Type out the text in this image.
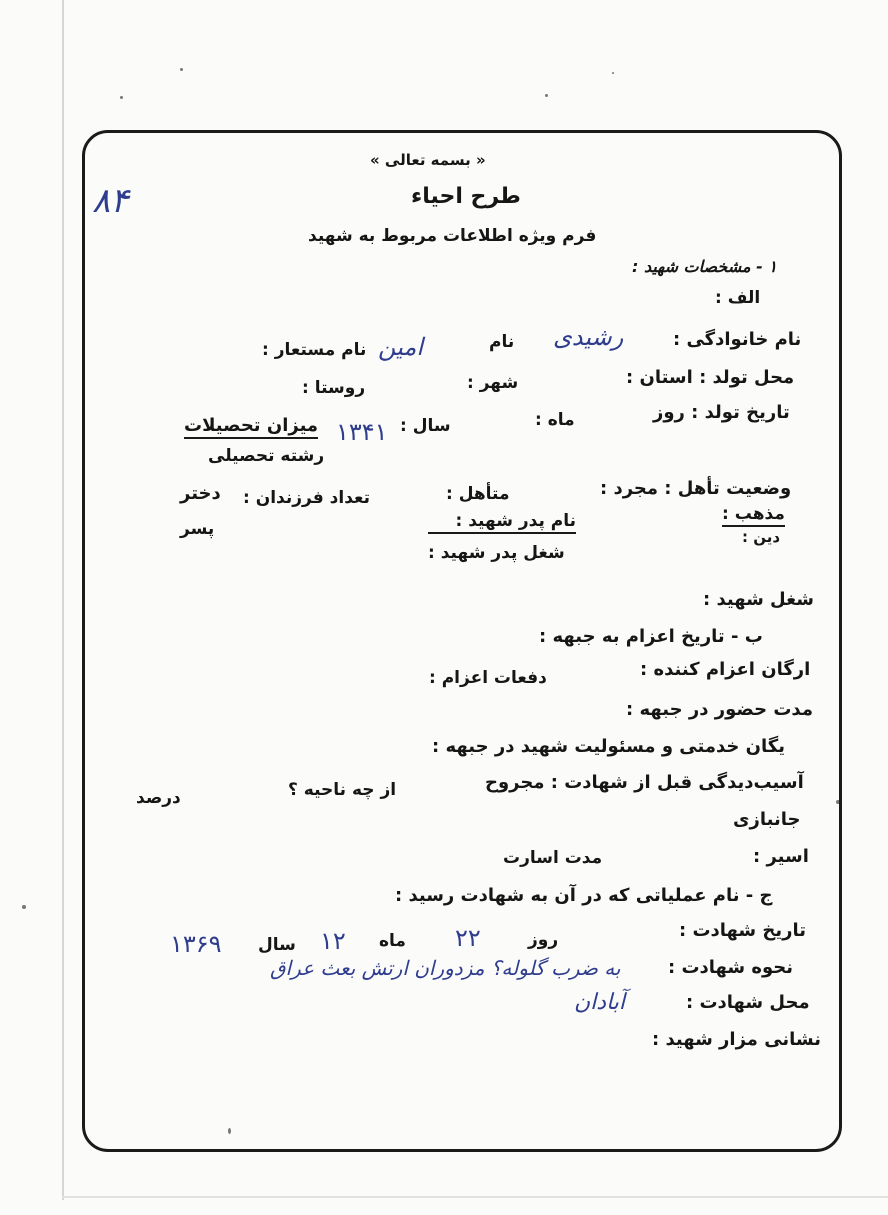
۸۴
« بسمه تعالی »
طرح احیاء
فرم ویژه اطلاعات مربوط به شهید
۱ - مشخصات شهید :
الف :
نام خانوادگی :
رشیدی
نام
امین
نام مستعار :
محل تولد : استان :
شهر :
روستا :
تاریخ تولد : روز
ماه :
سال :
۱۳۴۱
میزان تحصیلات
رشته تحصیلی
وضعیت تأهل : مجرد :
متأهل :
تعداد فرزندان :
دختر
پسر
مذهب :
دین :
نام پدر شهید :
شغل پدر شهید :
شغل شهید :
ب - تاریخ اعزام به جبهه :
ارگان اعزام کننده :
دفعات اعزام :
مدت حضور در جبهه :
یگان خدمتی و مسئولیت شهید در جبهه :
آسیب‌دیدگی قبل از شهادت : مجروح
از چه ناحیه ؟
درصد
جانبازی
اسیر :
مدت اسارت
ج - نام عملیاتی که در آن به شهادت رسید :
تاریخ شهادت :
روز
۲۲
ماه
۱۲
سال
۱۳۶۹
نحوه شهادت :
به ضرب گلوله؟ مزدوران ارتش بعث عراق
محل شهادت :
آبادان
نشانی مزار شهید :
